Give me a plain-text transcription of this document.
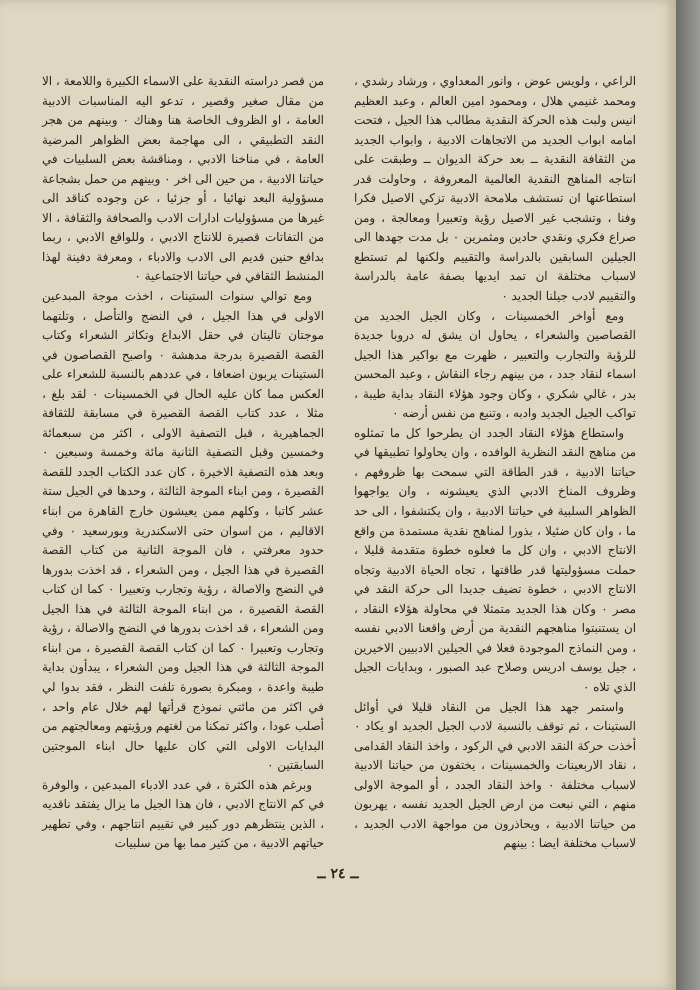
الراعي ، ولويس عوض ، وانور المعداوي ، ورشاد رشدي ، ومحمد غنيمي هلال ، ومحمود امين العالم ، وعبد العظيم انيس ولبت هذه الحركة النقدية مطالب هذا الجيل ، فتحت امامه ابواب الجديد من الاتجاهات الادبية ، وابواب الجديد من الثقافة النقدية ــ بعد حركة الديوان ــ وطبقت على انتاجه المناهج النقدية العالمية المعروفة ، وحاولت قدر استطاعتها ان تستشف ملامحة الادبية تزكي الاصيل فكرا وفنا ، وتشجب غير الاصيل رؤية وتعبيرا ومعالجة ، ومن صراع فكري ونقدي حادين ومثمرين ٠ بل مدت جهدها الى الجيلين السابقين بالدراسة والتقييم ولكنها لم تستطع لاسباب مختلفة ان تمد ايديها بصفة عامة بالدراسة والتقييم لادب جيلنا الجديد ٠

ومع أواخر الخمسينات ، وكان الجيل الجديد من القصاصين والشعراء ، يحاول ان يشق له دروبا جديدة للرؤية والتجارب والتعبير ، ظهرت مع بواكير هذا الجيل اسماء لنقاد جدد ، من بينهم رجاء النقاش ، وعبد المحسن بدر ، غالي شكري ، وكان وجود هؤلاء النقاد بداية طيبة ، تواكب الجيل الجديد وادبه ، وتنبع من نفس أرضه ٠

واستطاع هؤلاء النقاد الجدد ان يطرحوا كل ما تمثلوه من مناهج النقد النظرية الوافده ، وان يحاولوا تطبيقها في حياتنا الادبية ، قدر الطاقة التي سمحت بها ظروفهم ، وظروف المناخ الادبي الذي يعيشونه ، وان يواجهوا الظواهر السلبية في حياتنا الادبية ، وان يكتشفوا ، الى حد ما ، وان كان ضئيلا ، بذورا لمناهج نقدية مستمدة من واقع الانتاج الادبي ، وان كل ما فعلوه خطوة متقدمة قليلا ، حملت مسؤوليتها قدر طاقتها ، تجاه الحياة الادبية وتجاه الانتاج الادبي ، خطوة تضيف جديدا الى حركة النقد في مصر ٠ وكان هذا الجديد متمثلا في محاولة هؤلاء النقاد ، ان يستنبتوا مناهجهم النقدية من أرض واقعنا الادبي نفسه ، ومن النماذج الموجودة فعلا في الجيلين الادبيين الاخيرين ، جيل يوسف ادريس وصلاح عبد الصبور ، وبدايات الجيل الذي تلاه ٠

واستمر جهد هذا الجيل من النقاد قليلا في أوائل الستينات ، ثم توقف بالنسبة لادب الجيل الجديد او يكاد ٠ أخذت حركة النقد الادبي في الركود ، واخذ النقاد القدامى ، نقاد الاربعينات والخمسينات ، يختفون من حياتنا الادبية لاسباب مختلفة ٠ واخذ النقاد الجدد ، أو الموجة الاولى منهم ، التي نبعت من ارض الجيل الجديد نفسه ، يهربون من حياتنا الادبية ، ويحاذرون من مواجهة الادب الجديد ، لاسباب مختلفة ايضا : بينهم

من قصر دراسته النقدية على الاسماء الكبيرة واللامعة ، الا من مقال صغير وقصير ، تدعو اليه المناسبات الادبية العامة ، او الظروف الخاصة هنا وهناك ٠ وبينهم من هجر النقد التطبيقي ، الى مهاجمة بعض الظواهر المرضية العامة ، في مناخنا الادبي ، ومناقشة بعض السلبيات في حياتنا الادبية ، من حين الى اخر ٠ وبينهم من حمل بشجاعة مسؤولية البعد نهائيا ، أو جزئيا ، عن وجوده كناقد الى غيرها من مسؤوليات ادارات الادب والصحافة والثقافة ، الا من التفاتات قصيرة للانتاج الادبي ، وللواقع الادبي ، ربما بدافع حنين قديم الى الادب والادباء ، ومعرفة دفينة لهذا المنشط الثقافي في حياتنا الاجتماعية ٠

ومع توالي سنوات الستينات ، اخذت موجة المبدعين الاولى في هذا الجيل ، في النضج والتأصل ، وتلتهما موجتان تاليتان في حقل الابداع وتكاثر الشعراء وكتاب القصة القصيرة بدرجة مدهشة ٠ واصبح القصاصون في الستينات يربون اضعافا ، في عددهم بالنسبة للشعراء على العكس مما كان عليه الحال في الخمسينات ٠ لقد بلغ ، مثلا ، عدد كتاب القصة القصيرة في مسابقة للثقافة الجماهيرية ، قبل التصفية الاولى ، اكثر من سبعمائة وخمسين وقبل التصفية الثانية مائة وخمسة وسبعين ٠ وبعد هذه التصفية الاخيرة ، كان عدد الكتاب الجدد للقصة القصيرة ، ومن ابناء الموجة الثالثة ، وحدها في الجيل ستة عشر كاتبا ، وكلهم ممن يعيشون خارج القاهرة من ابناء الاقاليم ، من اسوان حتى الاسكندرية وبورسعيد ٠ وفي حدود معرفتي ، فان الموجة الثانية من كتاب القصة القصيرة في هذا الجيل ، ومن الشعراء ، قد اخذت بدورها في النضج والاصالة ، رؤية وتجارب وتعبيرا ٠ كما ان كتاب القصة القصيرة ، من ابناء الموجة الثالثة في هذا الجيل ومن الشعراء ، قد اخذت بدورها في النضج والاصالة ، رؤية وتجارب وتعبيرا ٠ كما ان كتاب القصة القصيرة ، من ابناء الموجة الثالثة في هذا الجيل ومن الشعراء ، يبدأون بداية طيبة واعدة ، ومبكرة بصورة تلفت النظر ، فقد بدوا لي في اكثر من مائتي نموذج قرأتها لهم خلال عام واحد ، أصلب عودا ، واكثر تمكنا من لغتهم ورؤيتهم ومعالجتهم من البدايات الاولى التي كان عليها حال ابناء الموجتين السابقتين ٠

وبرغم هذه الكثرة ، في عدد الادباء المبدعين ، والوفرة في كم الانتاج الادبي ، فان هذا الجيل ما يزال يفتقد ناقديه ، الذين ينتظرهم دور كبير في تقييم انتاجهم ، وفي تطهير حياتهم الادبية ، من كثير مما بها من سلبيات

ــ ٢٤ ــ
